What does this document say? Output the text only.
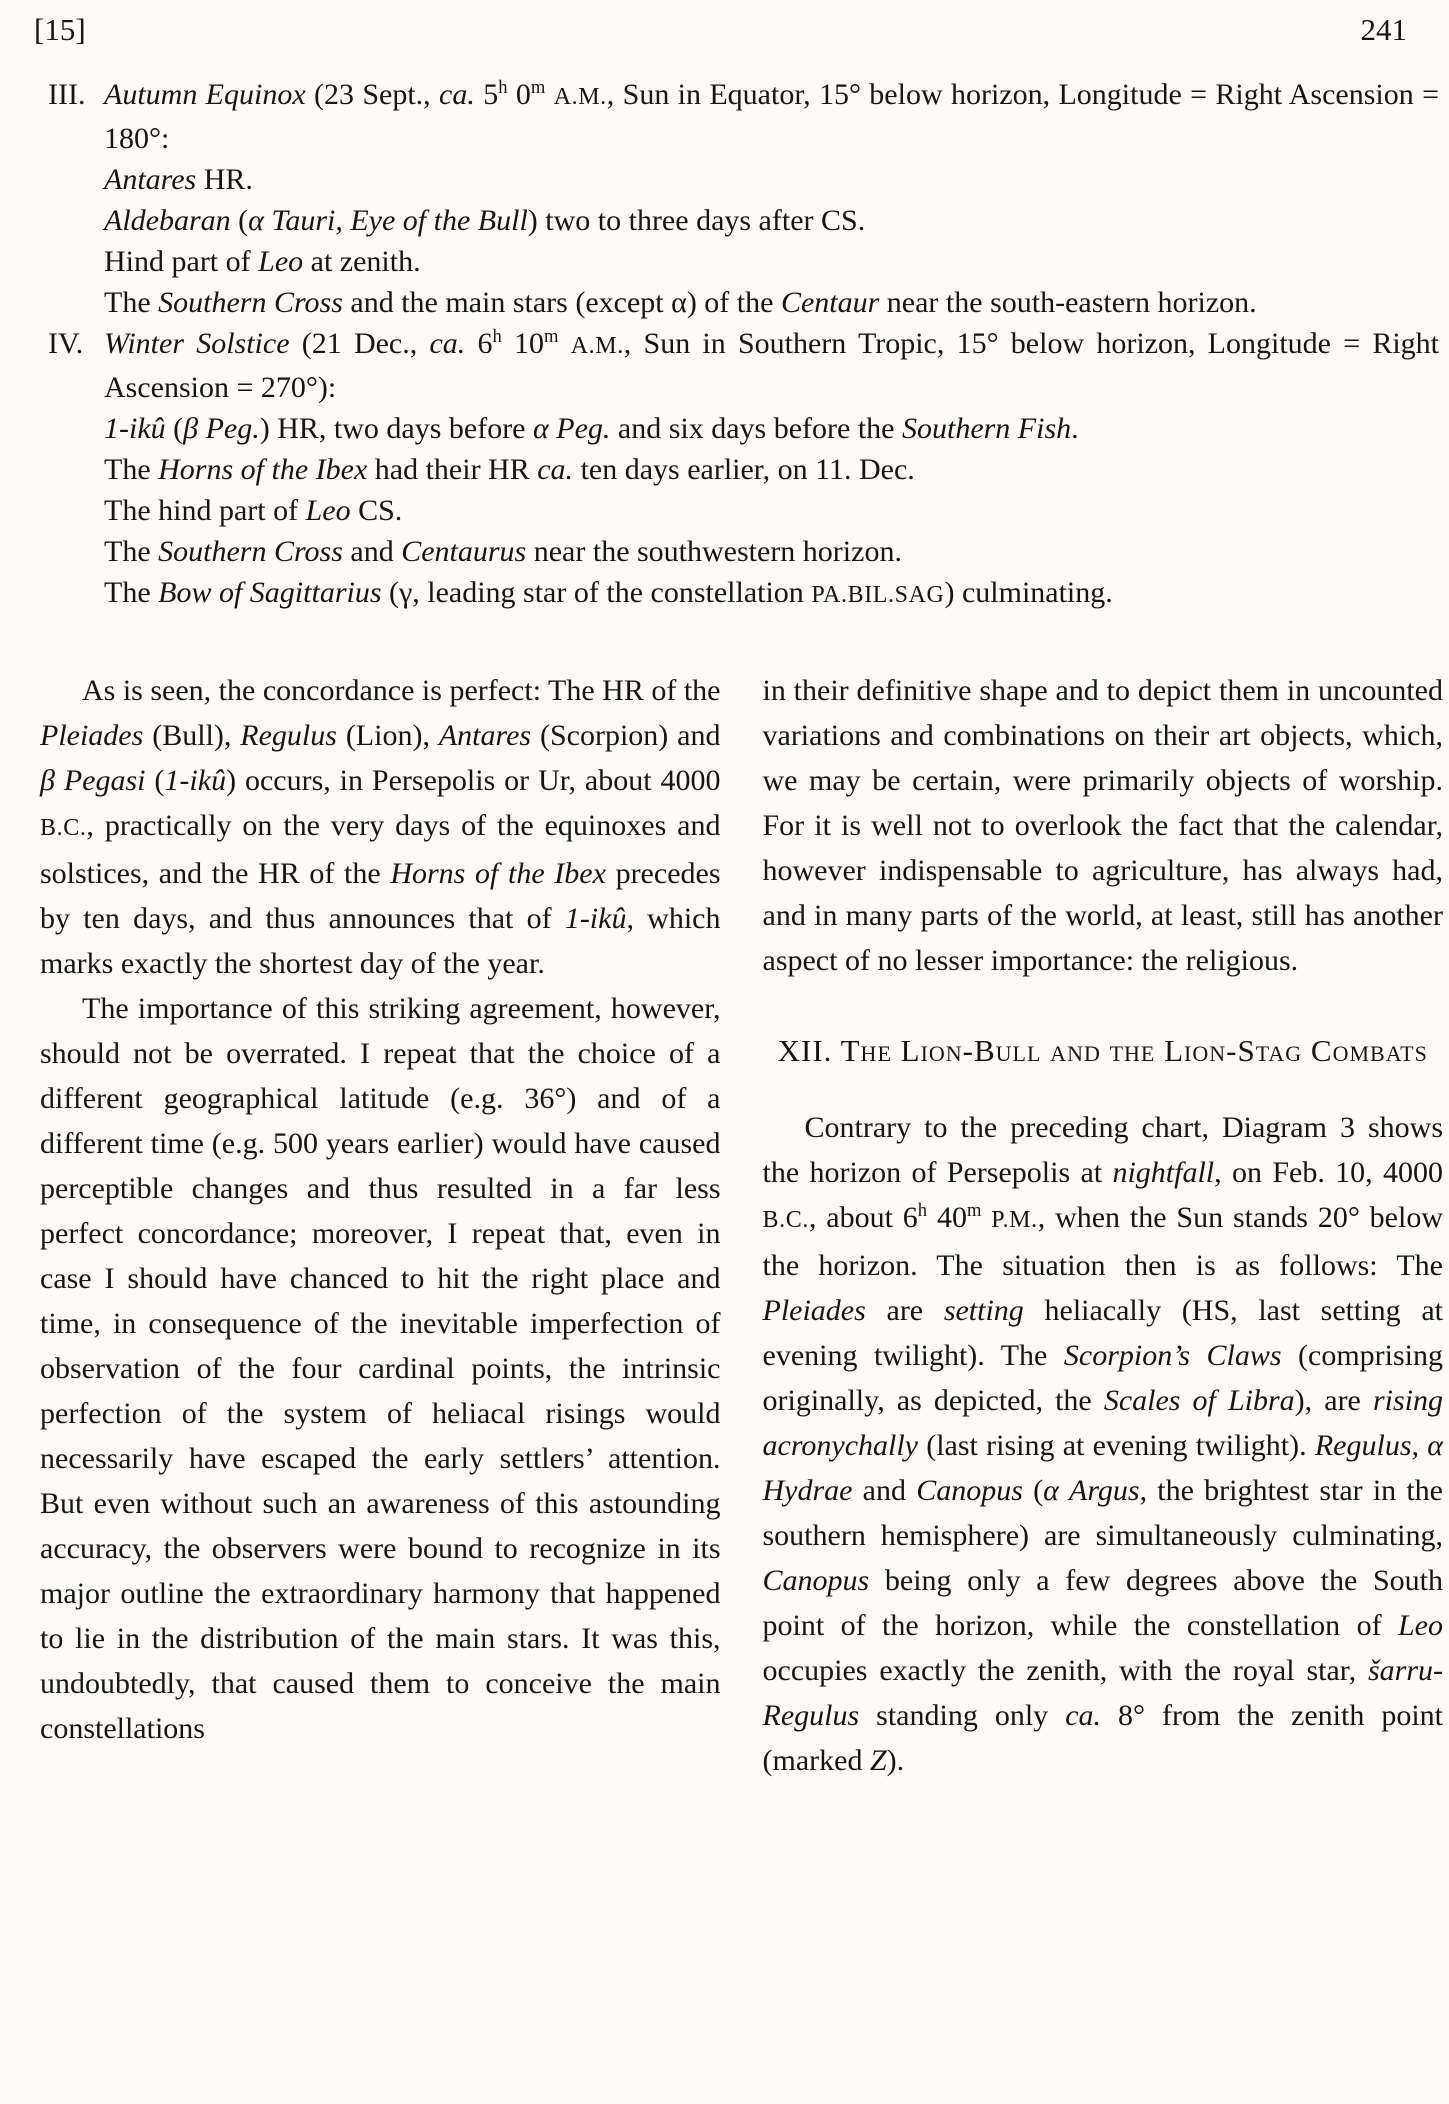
[15]	241
III. Autumn Equinox (23 Sept., ca. 5$^h$ 0$^m$ A.M., Sun in Equator, 15° below horizon, Longitude = Right Ascension = 180°:
Antares HR.
Aldebaran (α Tauri, Eye of the Bull) two to three days after CS.
Hind part of Leo at zenith.
The Southern Cross and the main stars (except α) of the Centaur near the south-eastern horizon.
IV. Winter Solstice (21 Dec., ca. 6$^h$ 10$^m$ A.M., Sun in Southern Tropic, 15° below horizon, Longitude = Right Ascension = 270°):
1-ikû (β Peg.) HR, two days before α Peg. and six days before the Southern Fish.
The Horns of the Ibex had their HR ca. ten days earlier, on 11. Dec.
The hind part of Leo CS.
The Southern Cross and Centaurus near the southwestern horizon.
The Bow of Sagittarius (γ, leading star of the constellation PA.BIL.SAG) culminating.

As is seen, the concordance is perfect: The HR of the Pleiades (Bull), Regulus (Lion), Antares (Scorpion) and β Pegasi (1-ikû) occurs, in Persepolis or Ur, about 4000 B.C., practically on the very days of the equinoxes and solstices, and the HR of the Horns of the Ibex precedes by ten days, and thus announces that of 1-ikû, which marks exactly the shortest day of the year.

The importance of this striking agreement, however, should not be overrated. I repeat that the choice of a different geographical latitude (e.g. 36°) and of a different time (e.g. 500 years earlier) would have caused perceptible changes and thus resulted in a far less perfect concordance; moreover, I repeat that, even in case I should have chanced to hit the right place and time, in consequence of the inevitable imperfection of observation of the four cardinal points, the intrinsic perfection of the system of heliacal risings would necessarily have escaped the early settlers’ attention. But even without such an awareness of this astounding accuracy, the observers were bound to recognize in its major outline the extraordinary harmony that happened to lie in the distribution of the main stars. It was this, undoubtedly, that caused them to conceive the main constellations

in their definitive shape and to depict them in uncounted variations and combinations on their art objects, which, we may be certain, were primarily objects of worship. For it is well not to overlook the fact that the calendar, however indispensable to agriculture, has always had, and in many parts of the world, at least, still has another aspect of no lesser importance: the religious.

XII. The Lion-Bull and the Lion-Stag Combats

Contrary to the preceding chart, Diagram 3 shows the horizon of Persepolis at nightfall, on Feb. 10, 4000 B.C., about 6$^h$ 40$^m$ P.M., when the Sun stands 20° below the horizon. The situation then is as follows: The Pleiades are setting heliacally (HS, last setting at evening twilight). The Scorpion’s Claws (comprising originally, as depicted, the Scales of Libra), are rising acronychally (last rising at evening twilight). Regulus, α Hydrae and Canopus (α Argus, the brightest star in the southern hemisphere) are simultaneously culminating, Canopus being only a few degrees above the South point of the horizon, while the constellation of Leo occupies exactly the zenith, with the royal star, šarru-Regulus standing only ca. 8° from the zenith point (marked Z).
